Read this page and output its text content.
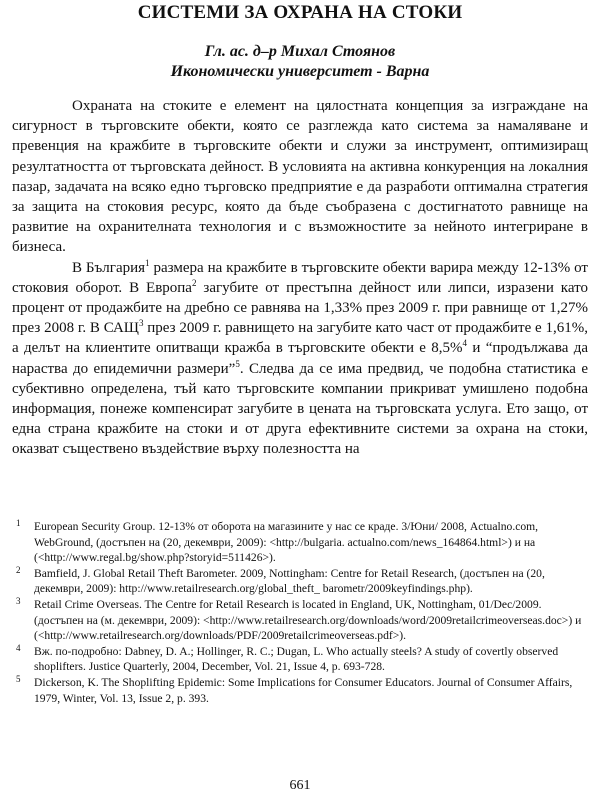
СИСТЕМИ ЗА ОХРАНА НА СТОКИ
Гл. ас. д–р Михал Стоянов
Икономически университет - Варна

Охраната на стоките е елемент на цялостната концепция за изграждане на сигурност в търговските обекти, която се разглежда като система за намаляване и превенция на кражбите в търговските обекти и служи за инструмент, оптимизиращ резултатността от търговската дейност. В условията на активна конкуренция на локалния пазар, задачата на всяко едно търговско предприятие е да разработи оптимална стратегия за защита на стоковия ресурс, която да бъде съобразена с достигнатото равнище на развитие на охранителната технология и с възможностите за нейното интегриране в бизнеса.

В България$^1$ размера на кражбите в търговските обекти варира между 12-13% от стоковия оборот. В Европа$^2$ загубите от престъпна дейност или липси, изразени като процент от продажбите на дребно се равнява на 1,33% през 2009 г. при равнище от 1,27% през 2008 г. В САЩ$^3$ през 2009 г. равнището на загубите като част от продажбите е 1,61%, а делът на клиентите опитващи кражба в търговските обекти е 8,5%$^4$ и “продължава да нараства до епидемични размери”$^5$. Следва да се има предвид, че подобна статистика е субективно определена, тъй като търговските компании прикриват умишлено подобна информация, понеже компенсират загубите в цената на търговската услуга. Ето защо, от една страна кражбите на стоки и от друга ефективните системи за охрана на стоки, оказват съществено въздействие върху полезността на

1	European Security Group. 12-13% от оборота на магазините у нас се краде. 3/Юни/ 2008, Actualno.com, WebGround, (достъпен на (20, декември, 2009): <http://bulgaria. actualno.com/news_164864.html>) и на (<http://www.regal.bg/show.php?storyid=511426>).
2	Bamfield, J. Global Retail Theft Barometer. 2009, Nottingham: Centre for Retail Research, (достъпен на (20, декември, 2009): http://www.retailresearch.org/global_theft_ barometr/2009keyfindings.php).
3	Retail Crime Overseas. The Centre for Retail Research is located in England, UK, Nottingham, 01/Dec/2009. (достъпен на (м. декември, 2009): <http://www.retailresearch.org/downloads/word/2009retailcrimeoverseas.doc>) и (<http://www.retailresearch.org/downloads/PDF/2009retailcrimeoverseas.pdf>).
4	Вж. по-подробно: Dabney, D. A.; Hollinger, R. C.; Dugan, L. Who actually steels? A study of covertly observed shoplifters. Justice Quarterly, 2004, December, Vol. 21, Issue 4, p. 693-728.
5	Dickerson, K. The Shoplifting Epidemic: Some Implications for Consumer Educators. Journal of Consumer Affairs, 1979, Winter, Vol. 13, Issue 2, p. 393.
661
